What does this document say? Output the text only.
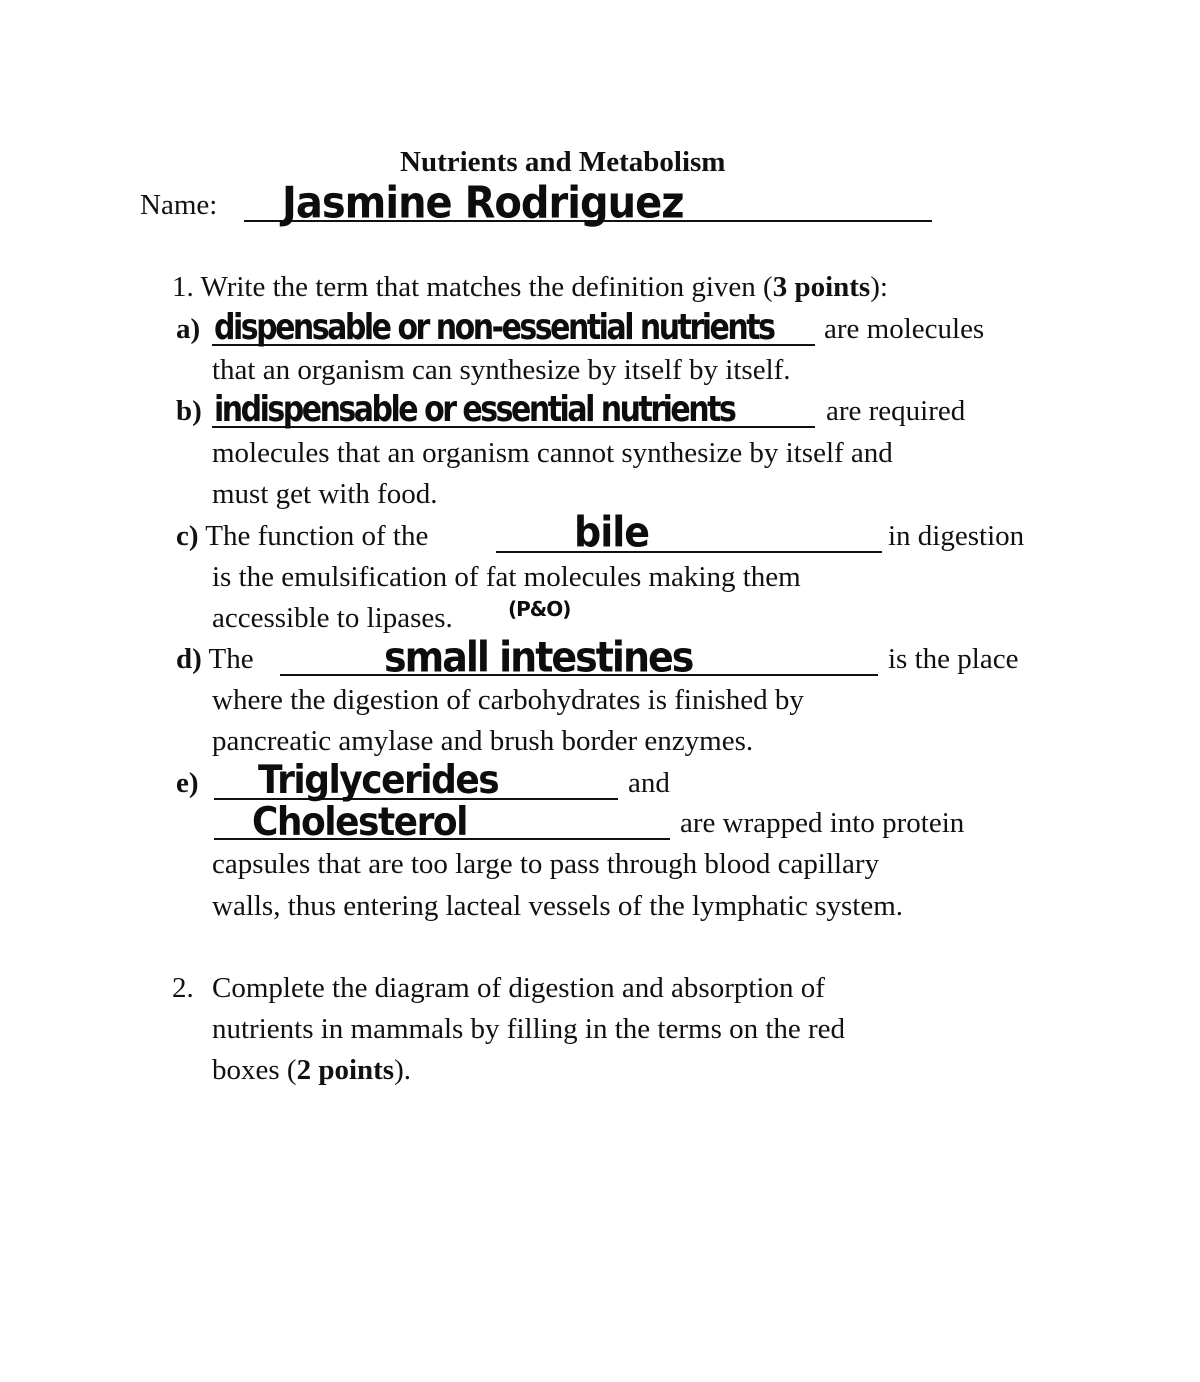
Nutrients and Metabolism
Name: Jasmine Rodriguez
1. Write the term that matches the definition given (3 points):
a) dispensable or non-essential nutrients are molecules
that an organism can synthesize by itself by itself.
b) indispensable or essential nutrients	are required
molecules that an organism cannot synthesize by itself and
must get with food.
c) The function of the	bile	in digestion
is the emulsification of fat molecules making them
accessible to lipases.	(P&O)
d) The	small intestines	is the place
where the digestion of carbohydrates is finished by
pancreatic amylase and brush border enzymes.
e) Triglycerides	and
Cholesterol	are wrapped into protein
capsules that are too large to pass through blood capillary
walls, thus entering lacteal vessels of the lymphatic system.
2. Complete the diagram of digestion and absorption of
nutrients in mammals by filling in the terms on the red
boxes (2 points).
